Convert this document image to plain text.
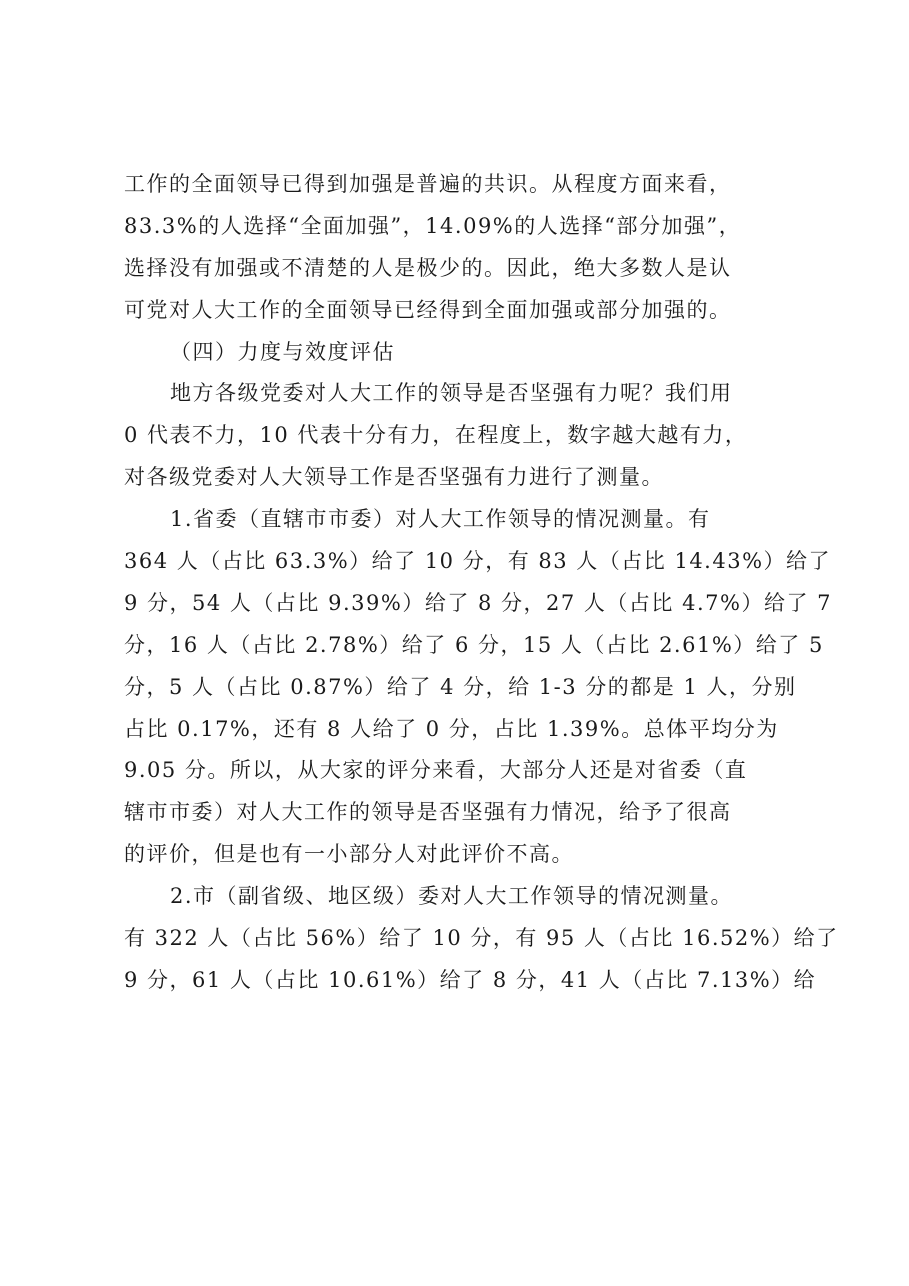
工作的全面领导已得到加强是普遍的共识。从程度方面来看，
83.3%的人选择“全面加强”，14.09%的人选择“部分加强”，
选择没有加强或不清楚的人是极少的。因此，绝大多数人是认
可党对人大工作的全面领导已经得到全面加强或部分加强的。
（四）力度与效度评估
地方各级党委对人大工作的领导是否坚强有力呢？我们用
0 代表不力，10 代表十分有力，在程度上，数字越大越有力，
对各级党委对人大领导工作是否坚强有力进行了测量。
1.省委（直辖市市委）对人大工作领导的情况测量。有
364 人（占比 63.3%）给了 10 分，有 83 人（占比 14.43%）给了
9 分，54 人（占比 9.39%）给了 8 分，27 人（占比 4.7%）给了 7
分，16 人（占比 2.78%）给了 6 分，15 人（占比 2.61%）给了 5
分，5 人（占比 0.87%）给了 4 分，给 1-3 分的都是 1 人，分别
占比 0.17%，还有 8 人给了 0 分，占比 1.39%。总体平均分为
9.05 分。所以，从大家的评分来看，大部分人还是对省委（直
辖市市委）对人大工作的领导是否坚强有力情况，给予了很高
的评价，但是也有一小部分人对此评价不高。
2.市（副省级、地区级）委对人大工作领导的情况测量。
有 322 人（占比 56%）给了 10 分，有 95 人（占比 16.52%）给了
9 分，61 人（占比 10.61%）给了 8 分，41 人（占比 7.13%）给
